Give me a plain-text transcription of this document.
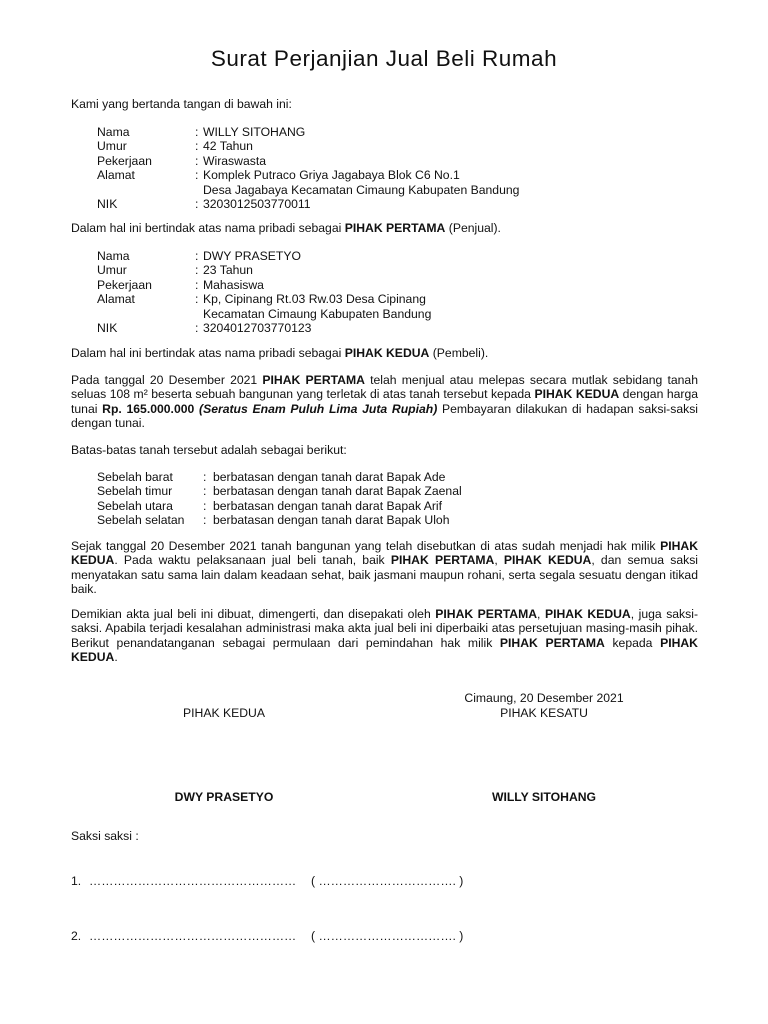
Surat Perjanjian Jual Beli Rumah

Kami yang bertanda tangan di bawah ini:

Nama	: WILLY SITOHANG
Umur	: 42 Tahun
Pekerjaan	: Wiraswasta
Alamat	: Komplek Putraco Griya Jagabaya Blok C6 No.1
Desa Jagabaya Kecamatan Cimaung Kabupaten Bandung
NIK	: 3203012503770011

Dalam hal ini bertindak atas nama pribadi sebagai PIHAK PERTAMA (Penjual).

Nama	: DWY PRASETYO
Umur	: 23 Tahun
Pekerjaan	: Mahasiswa
Alamat	: Kp, Cipinang Rt.03 Rw.03 Desa Cipinang
Kecamatan Cimaung Kabupaten Bandung
NIK	: 3204012703770123

Dalam hal ini bertindak atas nama pribadi sebagai PIHAK KEDUA (Pembeli).

Pada tanggal 20 Desember 2021 PIHAK PERTAMA telah menjual atau melepas secara mutlak sebidang tanah seluas 108 m² beserta sebuah bangunan yang terletak di atas tanah tersebut kepada PIHAK KEDUA dengan harga tunai Rp. 165.000.000 (Seratus Enam Puluh Lima Juta Rupiah) Pembayaran dilakukan di hadapan saksi-saksi dengan tunai.

Batas-batas tanah tersebut adalah sebagai berikut:

Sebelah barat	: berbatasan dengan tanah darat Bapak Ade
Sebelah timur	: berbatasan dengan tanah darat Bapak Zaenal
Sebelah utara	: berbatasan dengan tanah darat Bapak Arif
Sebelah selatan	: berbatasan dengan tanah darat Bapak Uloh

Sejak tanggal 20 Desember 2021 tanah bangunan yang telah disebutkan di atas sudah menjadi hak milik PIHAK KEDUA. Pada waktu pelaksanaan jual beli tanah, baik PIHAK PERTAMA, PIHAK KEDUA, dan semua saksi menyatakan satu sama lain dalam keadaan sehat, baik jasmani maupun rohani, serta segala sesuatu dengan itikad baik.

Demikian akta jual beli ini dibuat, dimengerti, dan disepakati oleh PIHAK PERTAMA, PIHAK KEDUA, juga saksi-saksi. Apabila terjadi kesalahan administrasi maka akta jual beli ini diperbaiki atas persetujuan masing-masih pihak. Berikut penandatanganan sebagai permulaan dari pemindahan hak milik PIHAK PERTAMA kepada PIHAK KEDUA.

Cimaung, 20 Desember 2021
PIHAK KEDUA	PIHAK KESATU
DWY PRASETYO	WILLY SITOHANG
Saksi saksi :
1. …………………………………………… ( ……………………………. )
2. …………………………………………… ( ……………………………. )
